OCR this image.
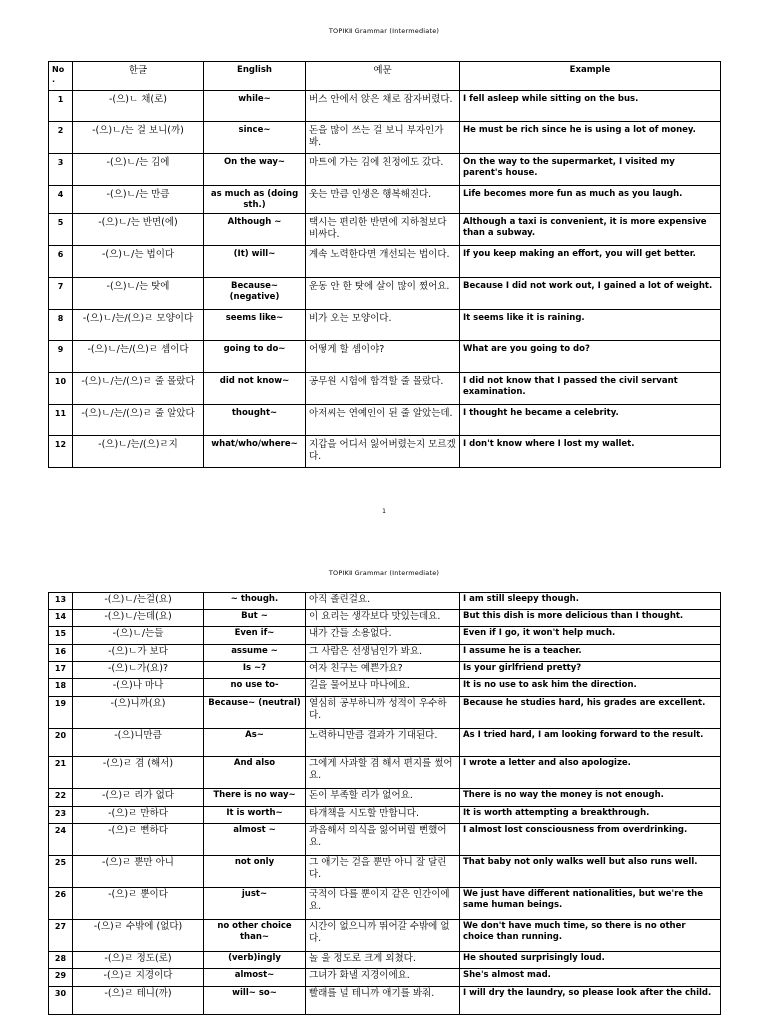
TOPIKⅡ Grammar (Intermediate)
No
.	한글	English	예문	Example
1	-(으)ㄴ 채(로)	while~	버스 안에서 앉은 채로 잠자버렸다.	I fell asleep while sitting on the bus.
2	-(으)ㄴ/는 걸 보니(까)	since~	돈을 많이 쓰는 걸 보니 부자인가 봐.	He must be rich since he is using a lot of money.
3	-(으)ㄴ/는 김에	On the way~	마트에 가는 김에 친정에도 갔다.	On the way to the supermarket, I visited my parent's house.
4	-(으)ㄴ/는 만큼	as much as (doing sth.)	웃는 만큼 인생은 행복해진다.	Life becomes more fun as much as you laugh.
5	-(으)ㄴ/는 반면(에)	Although ~	택시는 편리한 반면에 지하철보다 비싸다.	Although a taxi is convenient, it is more expensive than a subway.
6	-(으)ㄴ/는 법이다	(It) will~	계속 노력한다면 개선되는 법이다.	If you keep making an effort, you will get better.
7	-(으)ㄴ/는 탓에	Because~ (negative)	운동 안 한 탓에 살이 많이 쪘어요.	Because I did not work out, I gained a lot of weight.
8	-(으)ㄴ/는/(으)ㄹ 모양이다	seems like~	비가 오는 모양이다.	It seems like it is raining.
9	-(으)ㄴ/는/(으)ㄹ 셈이다	going to do~	어떻게 할 셈이야?	What are you going to do?
10	-(으)ㄴ/는/(으)ㄹ 줄 몰랐다	did not know~	공무원 시험에 합격할 줄 몰랐다.	I did not know that I passed the civil servant examination.
11	-(으)ㄴ/는/(으)ㄹ 줄 알았다	thought~	아저씨는 연예인이 된 줄 알았는데.	I thought he became a celebrity.
12	-(으)ㄴ/는/(으)ㄹ지	what/who/where~	지갑을 어디서 잃어버렸는지 모르겠다.	I don't know where I lost my wallet.
1
TOPIKⅡ Grammar (Intermediate)
13	-(으)ㄴ/는걸(요)	~ though.	아직 졸린걸요.	I am still sleepy though.
14	-(으)ㄴ/는데(요)	But ~	이 요리는 생각보다 맛있는데요.	But this dish is more delicious than I thought.
15	-(으)ㄴ/는들	Even if~	내가 간들 소용없다.	Even if I go, it won't help much.
16	-(으)ㄴ가 보다	assume ~	그 사람은 선생님인가 봐요.	I assume he is a teacher.
17	-(으)ㄴ가(요)?	Is ~?	여자 친구는 예쁜가요?	Is your girlfriend pretty?
18	-(으)나 마나	no use to-	길을 물어보나 마나에요.	It is no use to ask him the direction.
19	-(으)니까(요)	Because~ (neutral)	열심히 공부하니까 성적이 우수하다.	Because he studies hard, his grades are excellent.
20	-(으)니만큼	As~	노력하니만큼 결과가 기대된다.	As I tried hard, I am looking forward to the result.
21	-(으)ㄹ 겸 (해서)	And also	그에게 사과할 겸 해서 편지를 썼어요.	I wrote a letter and also apologize.
22	-(으)ㄹ 리가 없다	There is no way~	돈이 부족할 리가 없어요.	There is no way the money is not enough.
23	-(으)ㄹ 만하다	It is worth~	타개책을 시도할 만합니다.	It is worth attempting a breakthrough.
24	-(으)ㄹ 뻔하다	almost ~	과음해서 의식을 잃어버릴 뻔했어요.	I almost lost consciousness from overdrinking.
25	-(으)ㄹ 뿐만 아니	not only	그 애기는 걷을 뿐만 아니 잘 달린다.	That baby not only walks well but also runs well.
26	-(으)ㄹ 뿐이다	just~	국적이 다를 뿐이지 같은 인간이에요.	We just have different nationalities, but we're the same human beings.
27	-(으)ㄹ 수밖에 (없다)	no other choice than~	시간이 없으니까 뛰어갈 수밖에 없다.	We don't have much time, so there is no other choice than running.
28	-(으)ㄹ 정도(로)	(verb)ingly	놀 울 정도로 크게 외쳤다.	He shouted surprisingly loud.
29	-(으)ㄹ 지경이다	almost~	그녀가 화낼 지경이에요.	She's almost mad.
30	-(으)ㄹ 테니(까)	will~ so~	빨래를 널 테니까 애기를 봐줘.	I will dry the laundry, so please look after the child.
